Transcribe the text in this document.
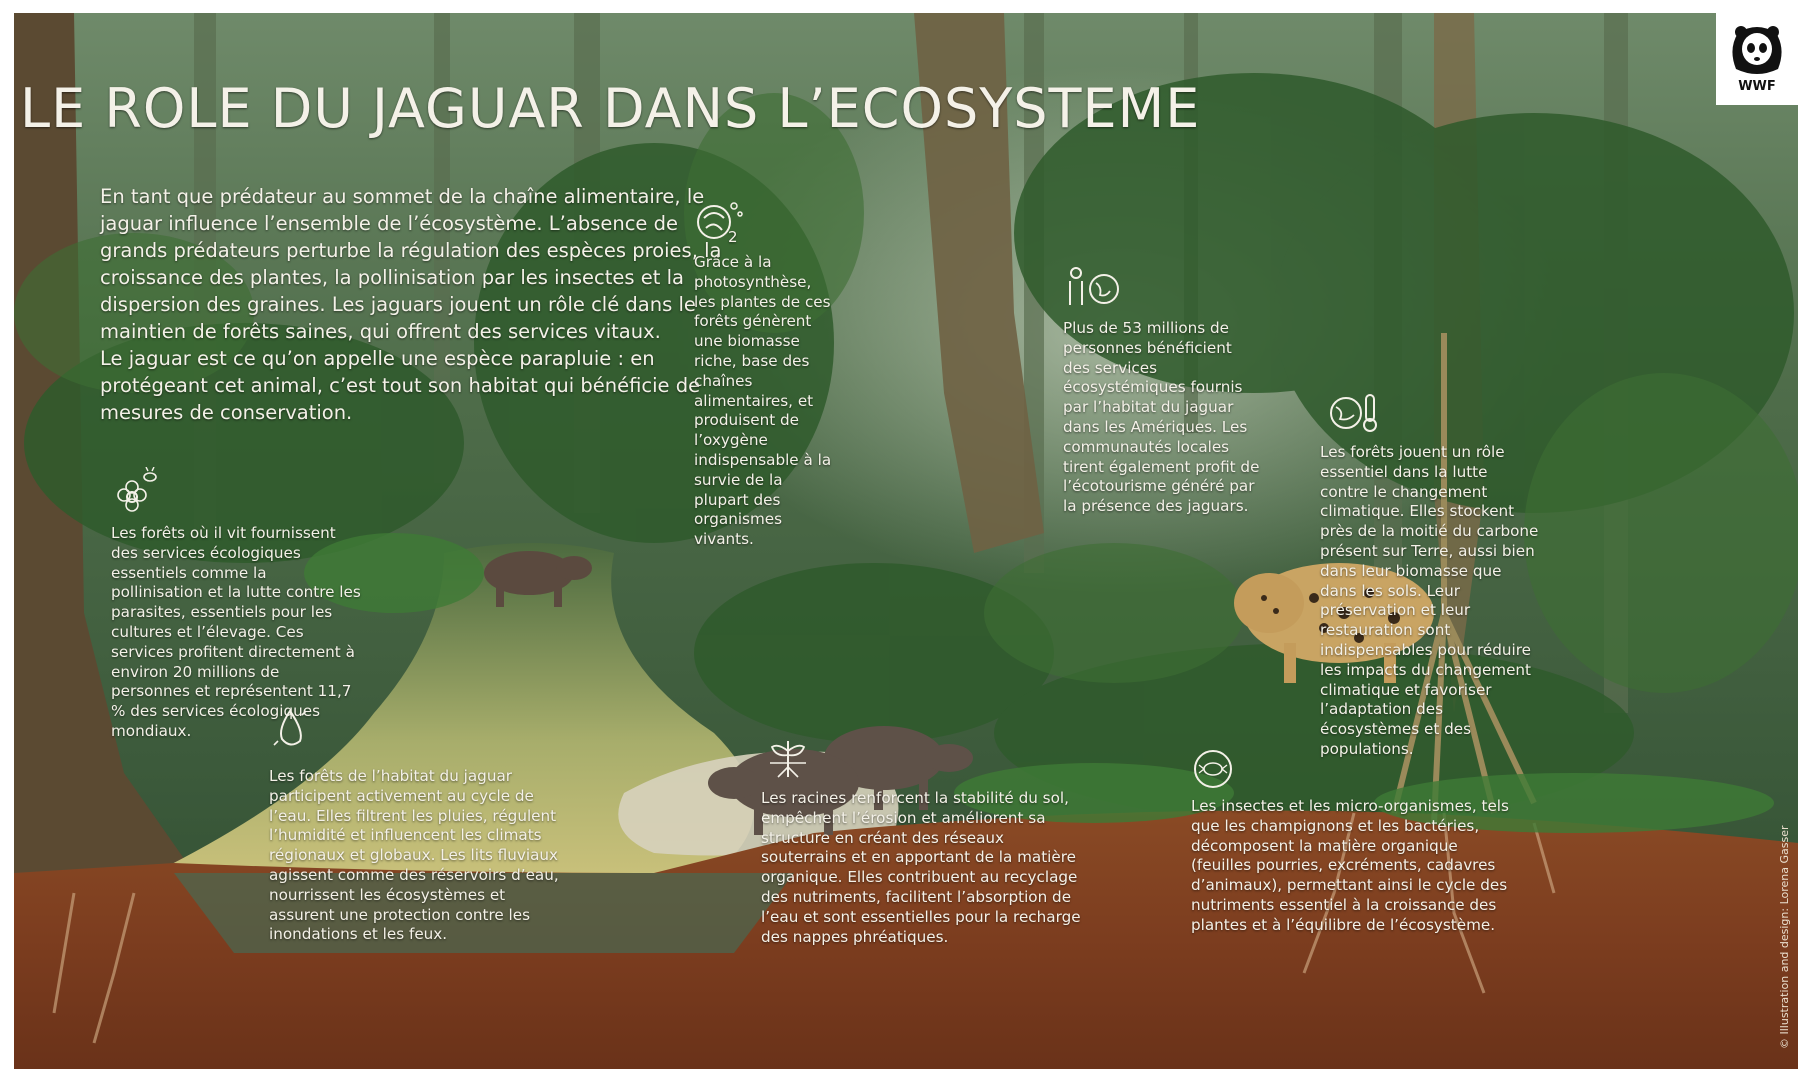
LE ROLE DU JAGUAR DANS L’ECOSYSTEME	WWF

En tant que prédateur au sommet de la chaîne alimentaire, le jaguar influence l’ensemble de l’écosystème. L’absence de grands prédateurs perturbe la régulation des espèces proies, la croissance des plantes, la pollinisation par les insectes et la dispersion des graines. Les jaguars jouent un rôle clé dans le maintien de forêts saines, qui offrent des services vitaux.

Le jaguar est ce qu’on appelle une espèce parapluie : en protégeant cet animal, c’est tout son habitat qui bénéficie de mesures de conservation.

2
Grâce à la photosynthèse, les plantes de ces forêts génèrent une biomasse riche, base des chaînes alimentaires, et produisent de l’oxygène indispensable à la survie de la plupart des organismes vivants.
Plus de 53 millions de personnes bénéficient des services écosystémiques fournis par l’habitat du jaguar dans les Amériques. Les communautés locales tirent également profit de l’écotourisme généré par la présence des jaguars.
Les forêts jouent un rôle essentiel dans la lutte contre le changement climatique. Elles stockent près de la moitié du carbone présent sur Terre, aussi bien dans leur biomasse que dans les sols. Leur préservation et leur restauration sont indispensables pour réduire les impacts du changement climatique et favoriser l’adaptation des écosystèmes et des populations.
Les forêts où il vit fournissent des services écologiques essentiels comme la pollinisation et la lutte contre les parasites, essentiels pour les cultures et l’élevage. Ces services profitent directement à environ 20 millions de personnes et représentent 11,7 % des services écologiques mondiaux.
Les forêts de l’habitat du jaguar participent activement au cycle de l’eau. Elles filtrent les pluies, régulent l’humidité et influencent les climats régionaux et globaux. Les lits fluviaux agissent comme des réservoirs d’eau, nourrissent les écosystèmes et assurent une protection contre les inondations et les feux.
Les racines renforcent la stabilité du sol, empêchent l’érosion et améliorent sa structure en créant des réseaux souterrains et en apportant de la matière organique. Elles contribuent au recyclage des nutriments, facilitent l’absorption de l’eau et sont essentielles pour la recharge des nappes phréatiques.
Les insectes et les micro-organismes, tels que les champignons et les bactéries, décomposent la matière organique (feuilles pourries, excréments, cadavres d’animaux), permettant ainsi le cycle des nutriments essentiel à la croissance des plantes et à l’équilibre de l’écosystème.	© Illustration and design: Lorena Gasser
